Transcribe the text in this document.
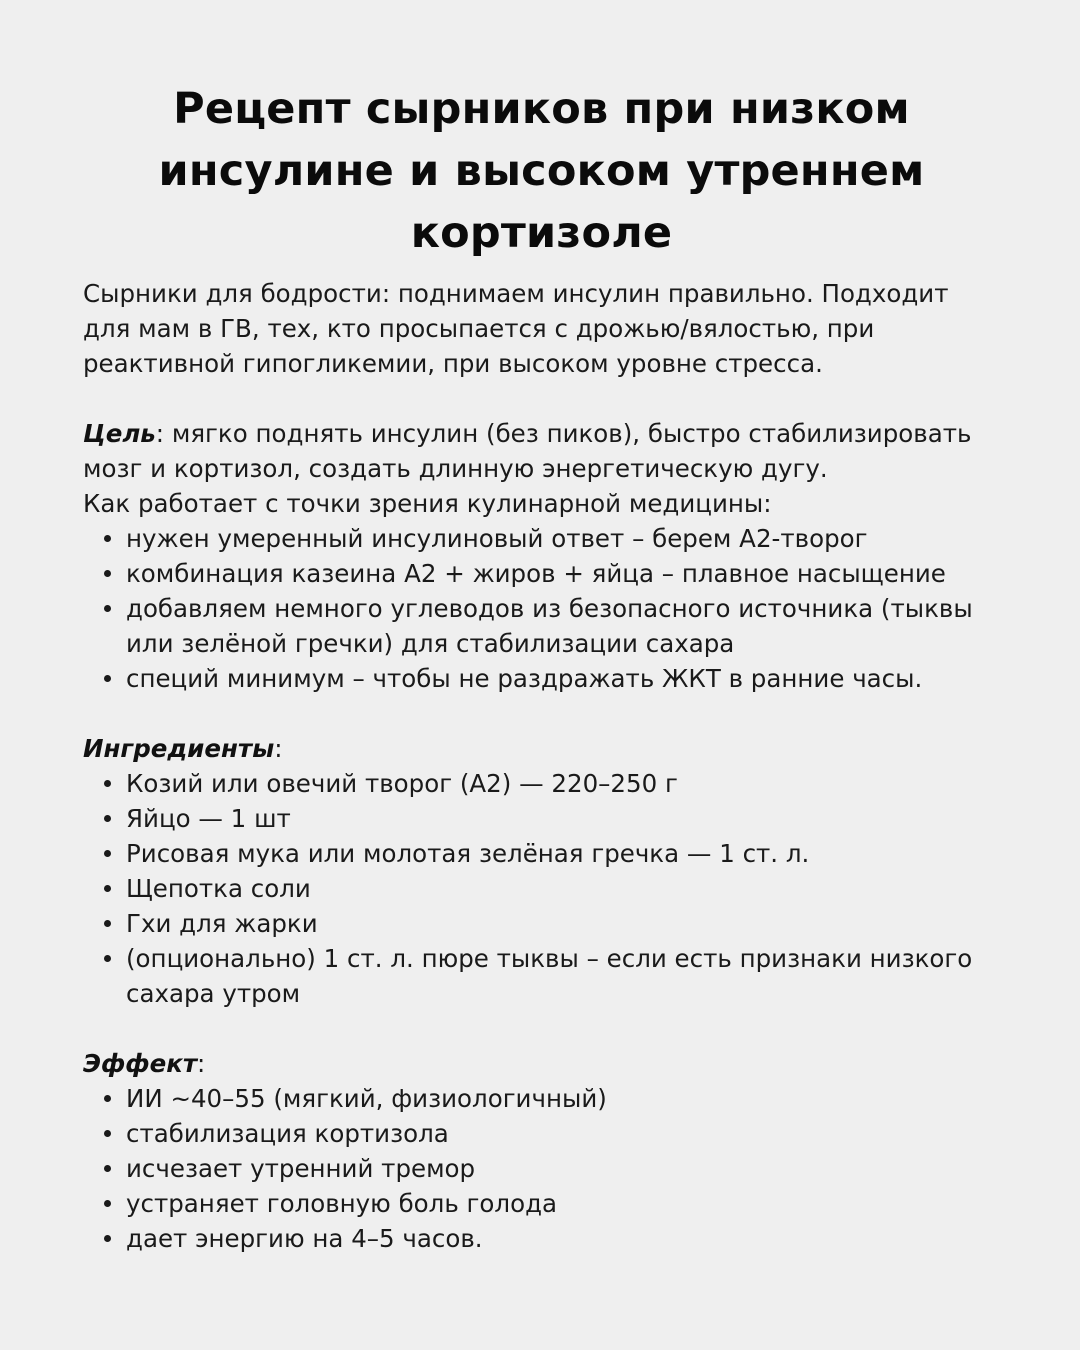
Рецепт сырников при низком инсулине и высоком утреннем кортизоле

Сырники для бодрости: поднимаем инсулин правильно. Подходит для мам в ГВ, тех, кто просыпается с дрожью/вялостью, при реактивной гипогликемии, при высоком уровне стресса.

Цель: мягко поднять инсулин (без пиков), быстро стабилизировать мозг и кортизол, создать длинную энергетическую дугу.

Как работает с точки зрения кулинарной медицины:

нужен умеренный инсулиновый ответ – берем А2-творог
комбинация казеина А2 + жиров + яйца – плавное насыщение
добавляем немного углеводов из безопасного источника (тыквы или зелёной гречки) для стабилизации сахара
специй минимум – чтобы не раздражать ЖКТ в ранние часы.

Ингредиенты:

Козий или овечий творог (А2) — 220–250 г
Яйцо — 1 шт
Рисовая мука или молотая зелёная гречка — 1 ст. л.
Щепотка соли
Гхи для жарки
(опционально) 1 ст. л. пюре тыквы – если есть признаки низкого сахара утром

Эффект:

ИИ ~40–55 (мягкий, физиологичный)
стабилизация кортизола
исчезает утренний тремор
устраняет головную боль голода
дает энергию на 4–5 часов.
